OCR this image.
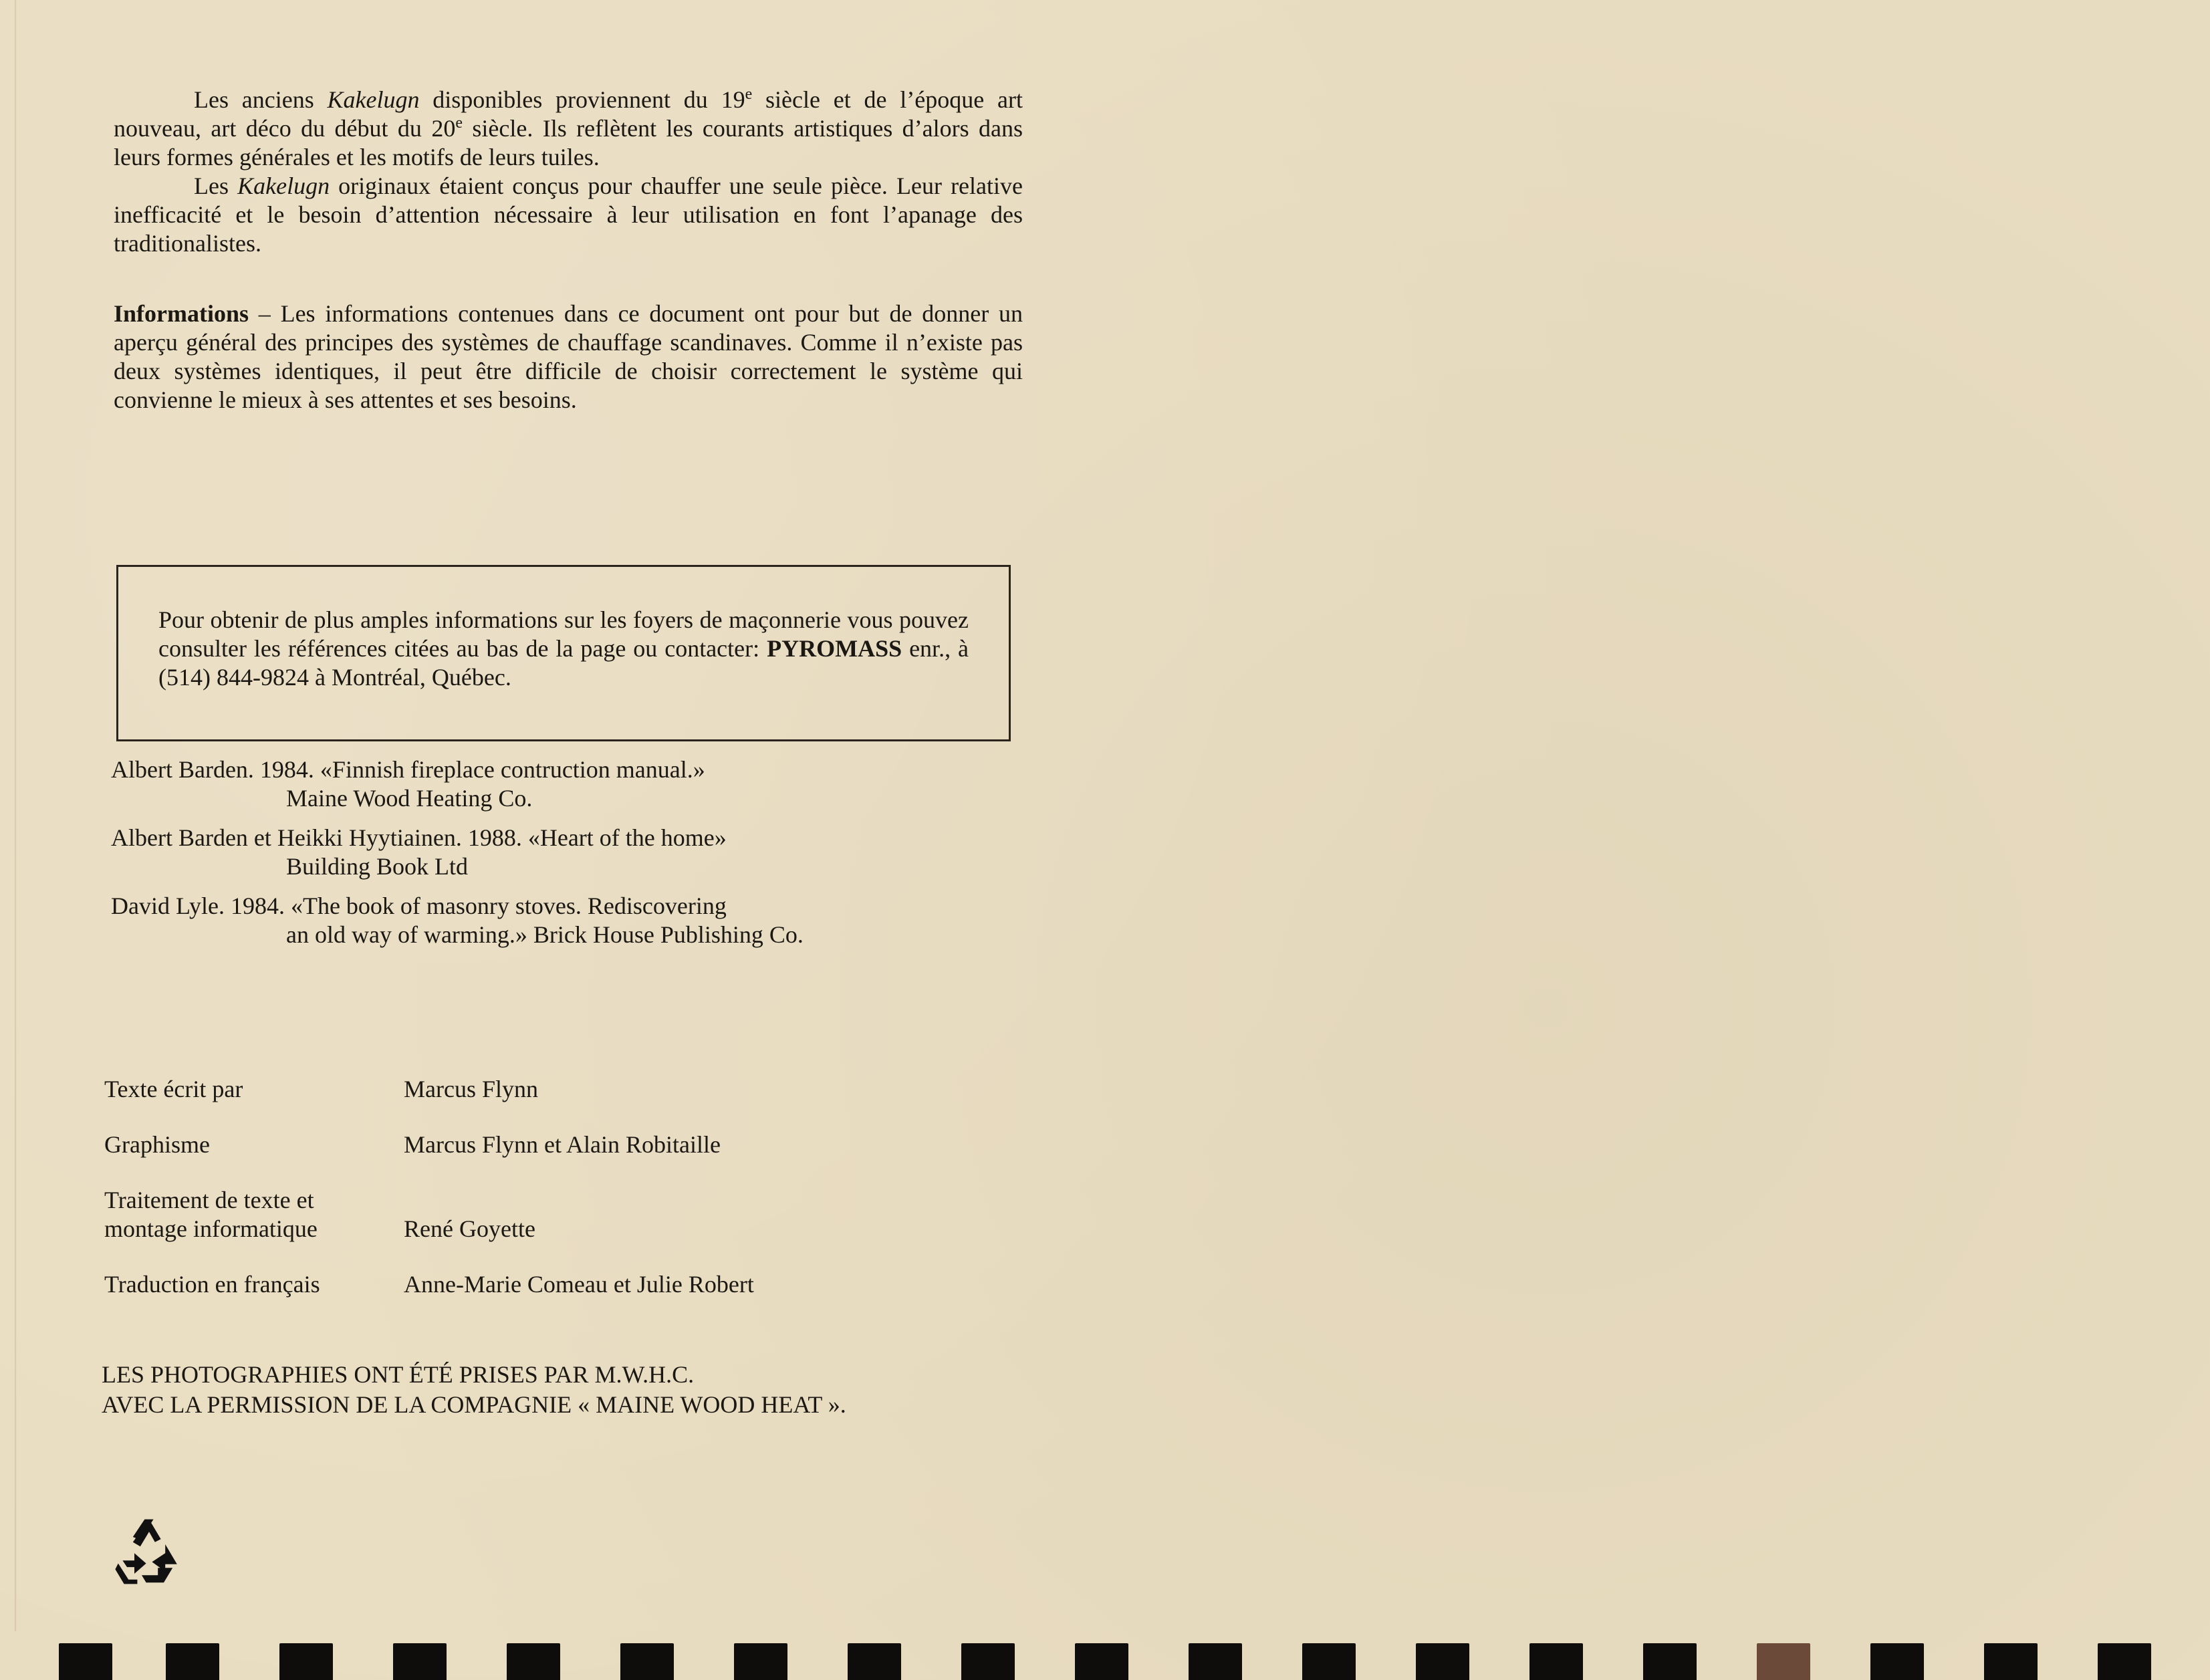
Les anciens Kakelugn disponibles proviennent du 19e siècle et de l’époque art nouveau, art déco du début du 20e siècle. Ils reflètent les courants artistiques d’alors dans leurs formes générales et les motifs de leurs tuiles.

Les Kakelugn originaux étaient conçus pour chauffer une seule pièce. Leur relative inefficacité et le besoin d’attention nécessaire à leur utilisation en font l’apanage des traditionalistes.

Informations – Les informations contenues dans ce document ont pour but de donner un aperçu général des principes des systèmes de chauffage scandinaves. Comme il n’existe pas deux systèmes identiques, il peut être difficile de choisir correctement le système qui convienne le mieux à ses attentes et ses besoins.

Pour obtenir de plus amples informations sur les foyers de maçonnerie vous pouvez consulter les références citées au bas de la page ou contacter: PYROMASS enr., à (514) 844-9824 à Montréal, Québec.

Albert Barden. 1984. «Finnish fireplace contruction manual.»
Maine Wood Heating Co.
Albert Barden et Heikki Hyytiainen. 1988. «Heart of the home»
Building Book Ltd
David Lyle. 1984. «The book of masonry stoves. Rediscovering
an old way of warming.» Brick House Publishing Co.
Texte écrit par	Marcus Flynn
Graphisme	Marcus Flynn et Alain Robitaille
Traitement de texte et
montage informatique	René Goyette
Traduction en français	Anne-Marie Comeau et Julie Robert
LES PHOTOGRAPHIES ONT ÉTÉ PRISES PAR M.W.H.C.
AVEC LA PERMISSION DE LA COMPAGNIE « MAINE WOOD HEAT ».
